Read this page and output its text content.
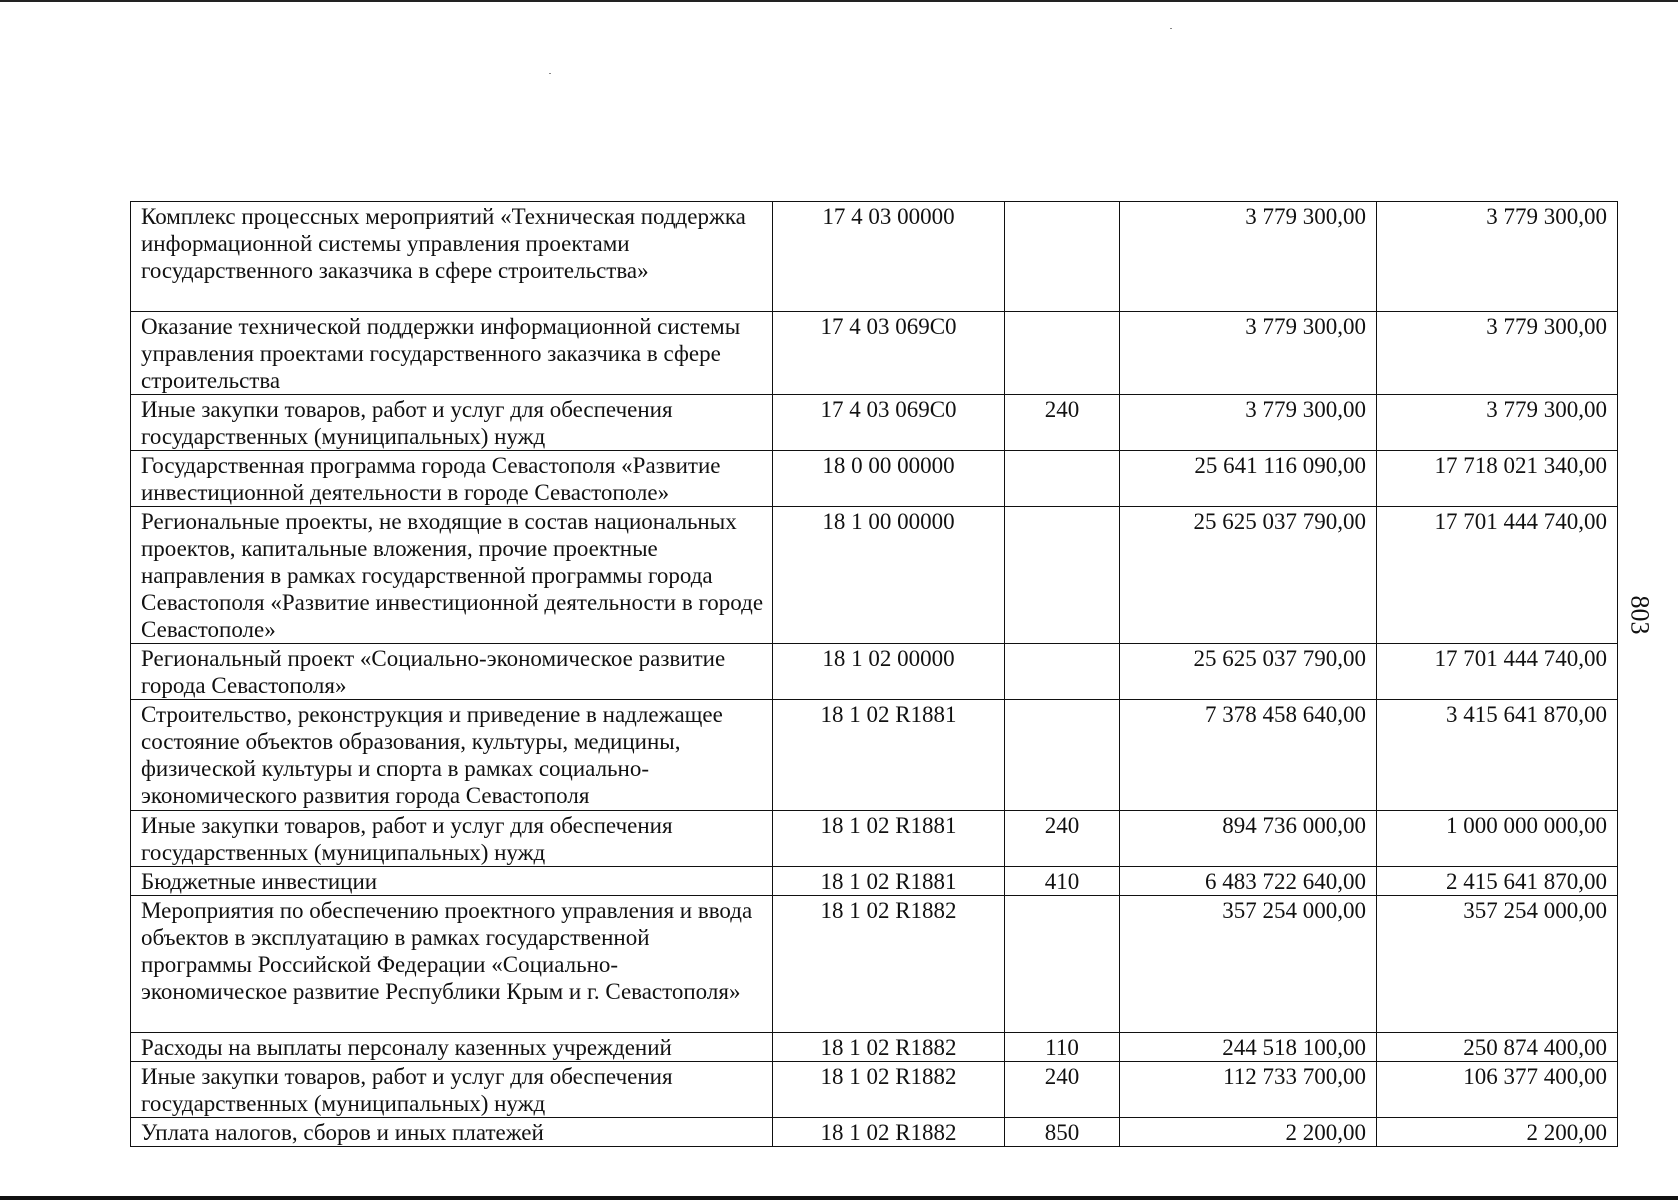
Комплекс процессных мероприятий «Техническая поддержка информационной системы управления проектами государственного заказчика в сфере строительства»	17 4 03 00000		3 779 300,00	3 779 300,00
Оказание технической поддержки информационной системы управления проектами государственного заказчика в сфере строительства	17 4 03 069С0		3 779 300,00	3 779 300,00
Иные закупки товаров, работ и услуг для обеспечения государственных (муниципальных) нужд	17 4 03 069С0	240	3 779 300,00	3 779 300,00
Государственная программа города Севастополя «Развитие инвестиционной деятельности в городе Севастополе»	18 0 00 00000		25 641 116 090,00	17 718 021 340,00
Региональные проекты, не входящие в состав национальных проектов, капитальные вложения, прочие проектные направления в рамках государственной программы города Севастополя «Развитие инвестиционной деятельности в городе Севастополе»	18 1 00 00000		25 625 037 790,00	17 701 444 740,00
Региональный проект «Социально-экономическое развитие города Севастополя»	18 1 02 00000		25 625 037 790,00	17 701 444 740,00
Строительство, реконструкция и приведение в надлежащее состояние объектов образования, культуры, медицины, физической культуры и спорта в рамках социально-экономического развития города Севастополя	18 1 02 R1881		7 378 458 640,00	3 415 641 870,00
Иные закупки товаров, работ и услуг для обеспечения государственных (муниципальных) нужд	18 1 02 R1881	240	894 736 000,00	1 000 000 000,00
Бюджетные инвестиции	18 1 02 R1881	410	6 483 722 640,00	2 415 641 870,00
Мероприятия по обеспечению проектного управления и ввода объектов в эксплуатацию в рамках государственной программы Российской Федерации «Социально-экономическое развитие Республики Крым и г. Севастополя»	18 1 02 R1882		357 254 000,00	357 254 000,00
Расходы на выплаты персоналу казенных учреждений	18 1 02 R1882	110	244 518 100,00	250 874 400,00
Иные закупки товаров, работ и услуг для обеспечения государственных (муниципальных) нужд	18 1 02 R1882	240	112 733 700,00	106 377 400,00
Уплата налогов, сборов и иных платежей	18 1 02 R1882	850	2 200,00	2 200,00
803
